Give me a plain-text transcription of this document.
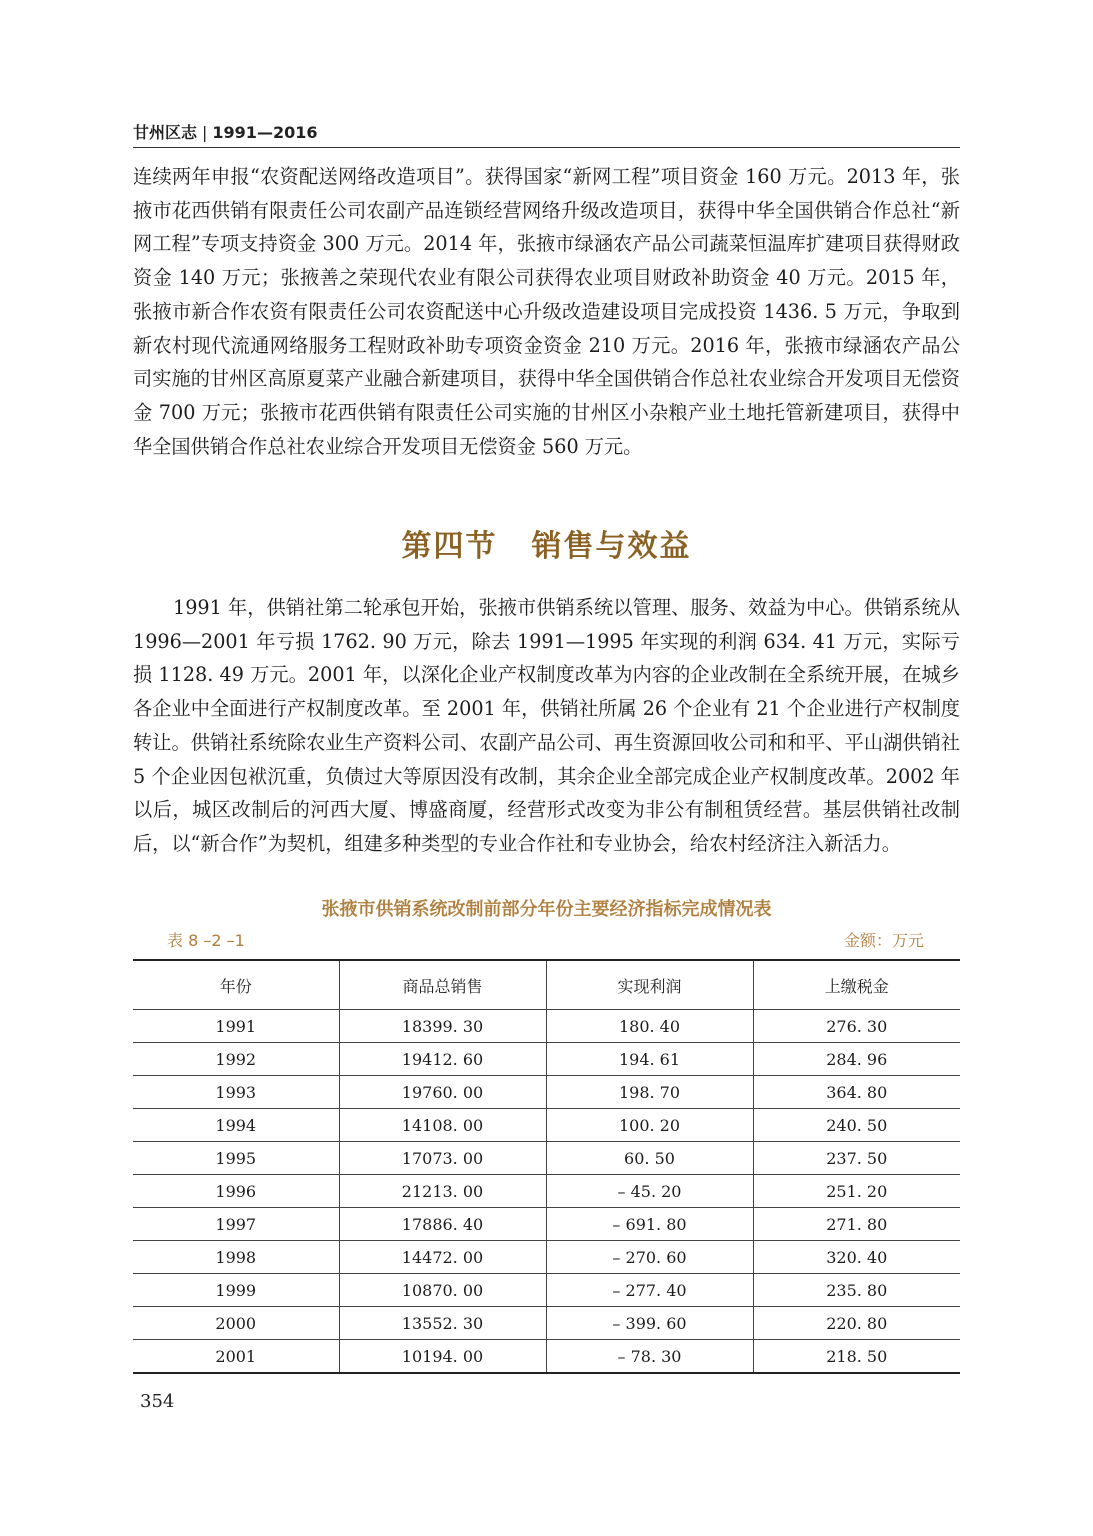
甘州区志 | 1991—2016

连续两年申报“农资配送网络改造项目”。获得国家“新网工程”项目资金 160 万元。2013 年，张掖市花西供销有限责任公司农副产品连锁经营网络升级改造项目，获得中华全国供销合作总社“新网工程”专项支持资金 300 万元。2014 年，张掖市绿涵农产品公司蔬菜恒温库扩建项目获得财政资金 140 万元；张掖善之荣现代农业有限公司获得农业项目财政补助资金 40 万元。2015 年，张掖市新合作农资有限责任公司农资配送中心升级改造建设项目完成投资 1436. 5 万元，争取到新农村现代流通网络服务工程财政补助专项资金资金 210 万元。2016 年，张掖市绿涵农产品公司实施的甘州区高原夏菜产业融合新建项目，获得中华全国供销合作总社农业综合开发项目无偿资金 700 万元；张掖市花西供销有限责任公司实施的甘州区小杂粮产业土地托管新建项目，获得中华全国供销合作总社农业综合开发项目无偿资金 560 万元。

第四节 销售与效益

1991 年，供销社第二轮承包开始，张掖市供销系统以管理、服务、效益为中心。供销系统从 1996—2001 年亏损 1762. 90 万元，除去 1991—1995 年实现的利润 634. 41 万元，实际亏损 1128. 49 万元。2001 年，以深化企业产权制度改革为内容的企业改制在全系统开展，在城乡各企业中全面进行产权制度改革。至 2001 年，供销社所属 26 个企业有 21 个企业进行产权制度转让。供销社系统除农业生产资料公司、农副产品公司、再生资源回收公司和和平、平山湖供销社 5 个企业因包袱沉重，负债过大等原因没有改制，其余企业全部完成企业产权制度改革。2002 年以后，城区改制后的河西大厦、博盛商厦，经营形式改变为非公有制租赁经营。基层供销社改制后，以“新合作”为契机，组建多种类型的专业合作社和专业协会，给农村经济注入新活力。

张掖市供销系统改制前部分年份主要经济指标完成情况表
表 8 –2 –1	金额：万元
年份	商品总销售	实现利润	上缴税金
1991	18399. 30	180. 40	276. 30
1992	19412. 60	194. 61	284. 96
1993	19760. 00	198. 70	364. 80
1994	14108. 00	100. 20	240. 50
1995	17073. 00	60. 50	237. 50
1996	21213. 00	– 45. 20	251. 20
1997	17886. 40	– 691. 80	271. 80
1998	14472. 00	– 270. 60	320. 40
1999	10870. 00	– 277. 40	235. 80
2000	13552. 30	– 399. 60	220. 80
2001	10194. 00	– 78. 30	218. 50
354
